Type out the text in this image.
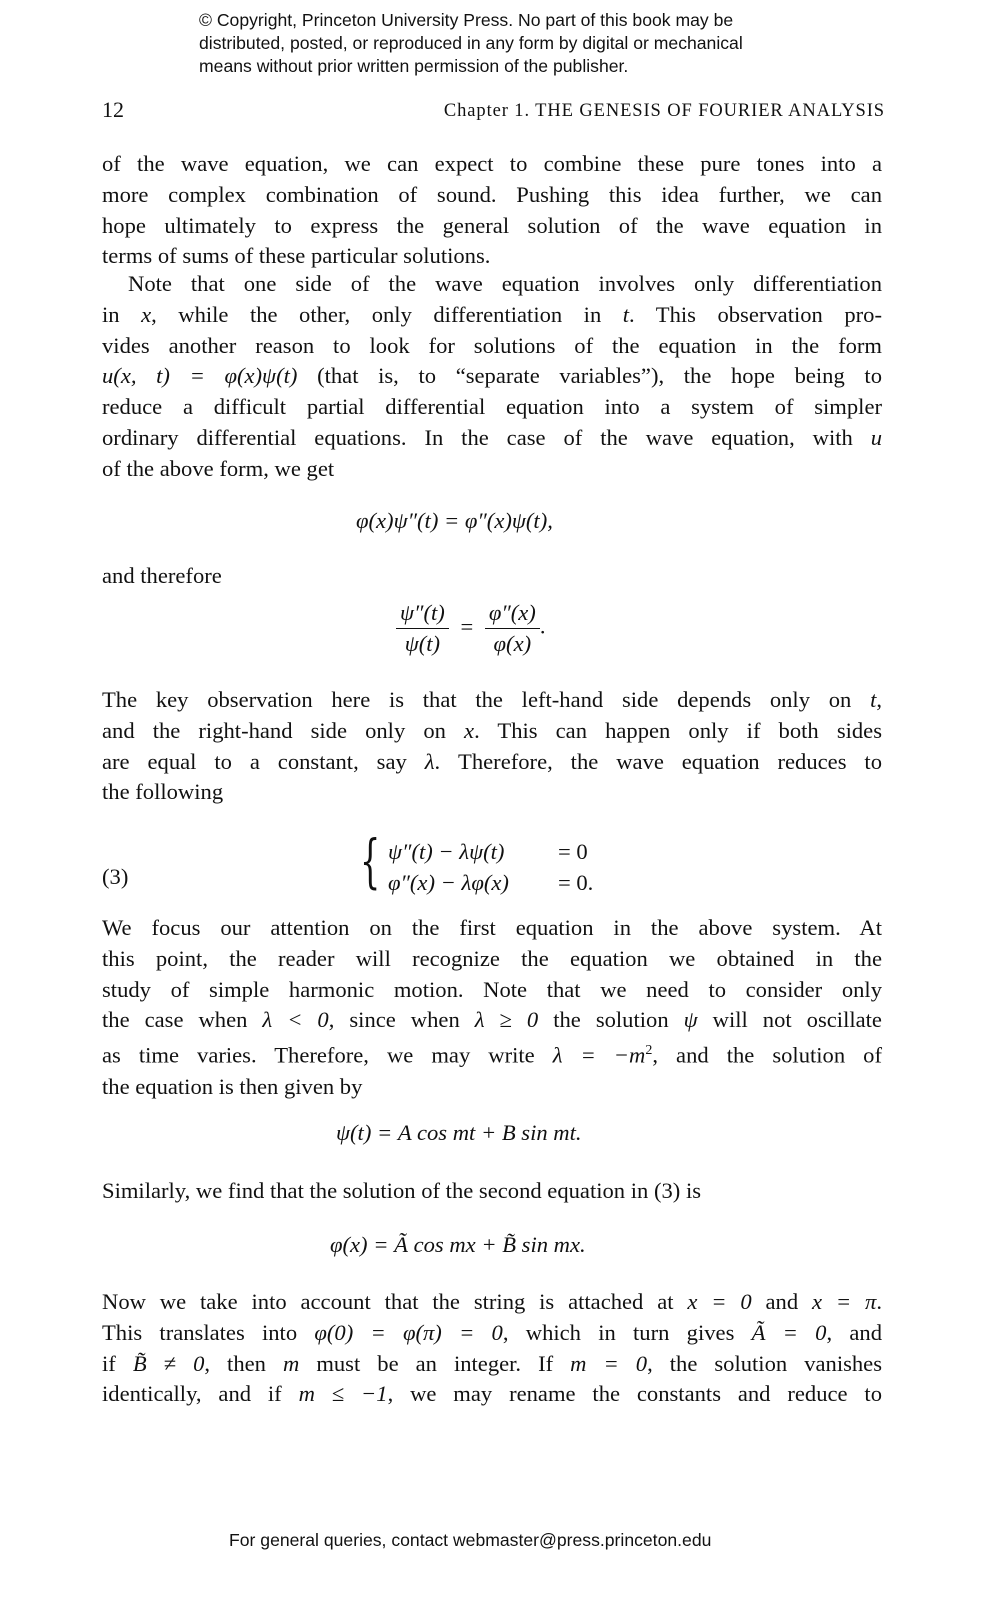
© Copyright, Princeton University Press. No part of this book may be
distributed, posted, or reproduced in any form by digital or mechanical
means without prior written permission of the publisher.
12	Chapter 1. THE GENESIS OF FOURIER ANALYSIS
of the wave equation, we can expect to combine these pure tones into a
more complex combination of sound. Pushing this idea further, we can
hope ultimately to express the general solution of the wave equation in
terms of sums of these particular solutions.
Note that one side of the wave equation involves only differentiation
in x, while the other, only differentiation in t. This observation pro-
vides another reason to look for solutions of the equation in the form
u(x, t) = φ(x)ψ(t) (that is, to “separate variables”), the hope being to
reduce a difficult partial differential equation into a system of simpler
ordinary differential equations. In the case of the wave equation, with u
of the above form, we get
φ(x)ψ″(t) = φ″(x)ψ(t),
and therefore
$\frac{\psi''(t)}{\psi(t)} = \frac{\varphi''(x)}{\varphi(x)}$ .
The key observation here is that the left-hand side depends only on t,
and the right-hand side only on x. This can happen only if both sides
are equal to a constant, say λ. Therefore, the wave equation reduces to
the following
(3)	{ ψ″(t) − λψ(t)	= 0
φ″(x) − λφ(x)	= 0.
We focus our attention on the first equation in the above system. At
this point, the reader will recognize the equation we obtained in the
study of simple harmonic motion. Note that we need to consider only
the case when λ < 0, since when λ ≥ 0 the solution ψ will not oscillate
as time varies. Therefore, we may write $\lambda = -m^2$, and the solution of
the equation is then given by
ψ(t) = A cos mt + B sin mt.
Similarly, we find that the solution of the second equation in (3) is
φ(x) = Ã cos mx + B̃ sin mx.
Now we take into account that the string is attached at x = 0 and x = π.
This translates into φ(0) = φ(π) = 0, which in turn gives Ã = 0, and
if B̃ ≠ 0, then m must be an integer. If m = 0, the solution vanishes
identically, and if m ≤ −1, we may rename the constants and reduce to
For general queries, contact webmaster@press.princeton.edu
